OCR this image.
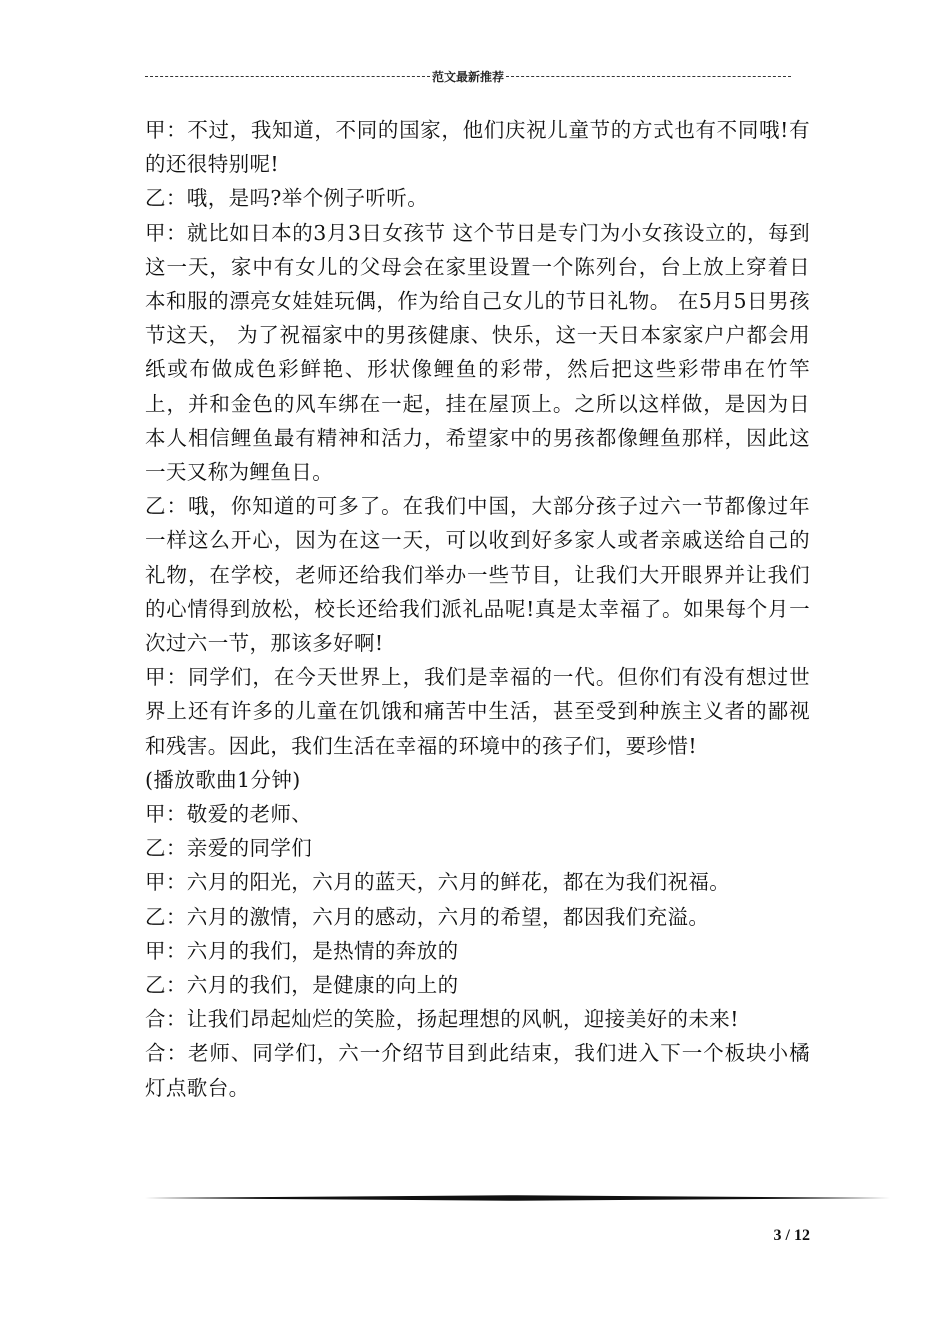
范文最新推荐

甲：不过，我知道，不同的国家，他们庆祝儿童节的方式也有不同哦!有的还很特别呢!

乙：哦，是吗?举个例子听听。

甲：就比如日本的3月3日女孩节 这个节日是专门为小女孩设立的，每到这一天，家中有女儿的父母会在家里设置一个陈列台，台上放上穿着日本和服的漂亮女娃娃玩偶，作为给自己女儿的节日礼物。 在5月5日男孩节这天， 为了祝福家中的男孩健康、快乐，这一天日本家家户户都会用纸或布做成色彩鲜艳、形状像鲤鱼的彩带，然后把这些彩带串在竹竿上，并和金色的风车绑在一起，挂在屋顶上。之所以这样做，是因为日本人相信鲤鱼最有精神和活力，希望家中的男孩都像鲤鱼那样，因此这一天又称为鲤鱼日。

乙：哦，你知道的可多了。在我们中国，大部分孩子过六一节都像过年一样这么开心，因为在这一天，可以收到好多家人或者亲戚送给自己的礼物，在学校，老师还给我们举办一些节目，让我们大开眼界并让我们的心情得到放松，校长还给我们派礼品呢!真是太幸福了。如果每个月一次过六一节，那该多好啊!

甲：同学们，在今天世界上，我们是幸福的一代。但你们有没有想过世界上还有许多的儿童在饥饿和痛苦中生活，甚至受到种族主义者的鄙视和残害。因此，我们生活在幸福的环境中的孩子们，要珍惜!

(播放歌曲1分钟)

甲：敬爱的老师、

乙：亲爱的同学们

甲：六月的阳光，六月的蓝天，六月的鲜花，都在为我们祝福。

乙：六月的激情，六月的感动，六月的希望，都因我们充溢。

甲：六月的我们，是热情的奔放的

乙：六月的我们，是健康的向上的

合：让我们昂起灿烂的笑脸，扬起理想的风帆，迎接美好的未来!

合：老师、同学们，六一介绍节目到此结束，我们进入下一个板块小橘灯点歌台。

3 / 12
